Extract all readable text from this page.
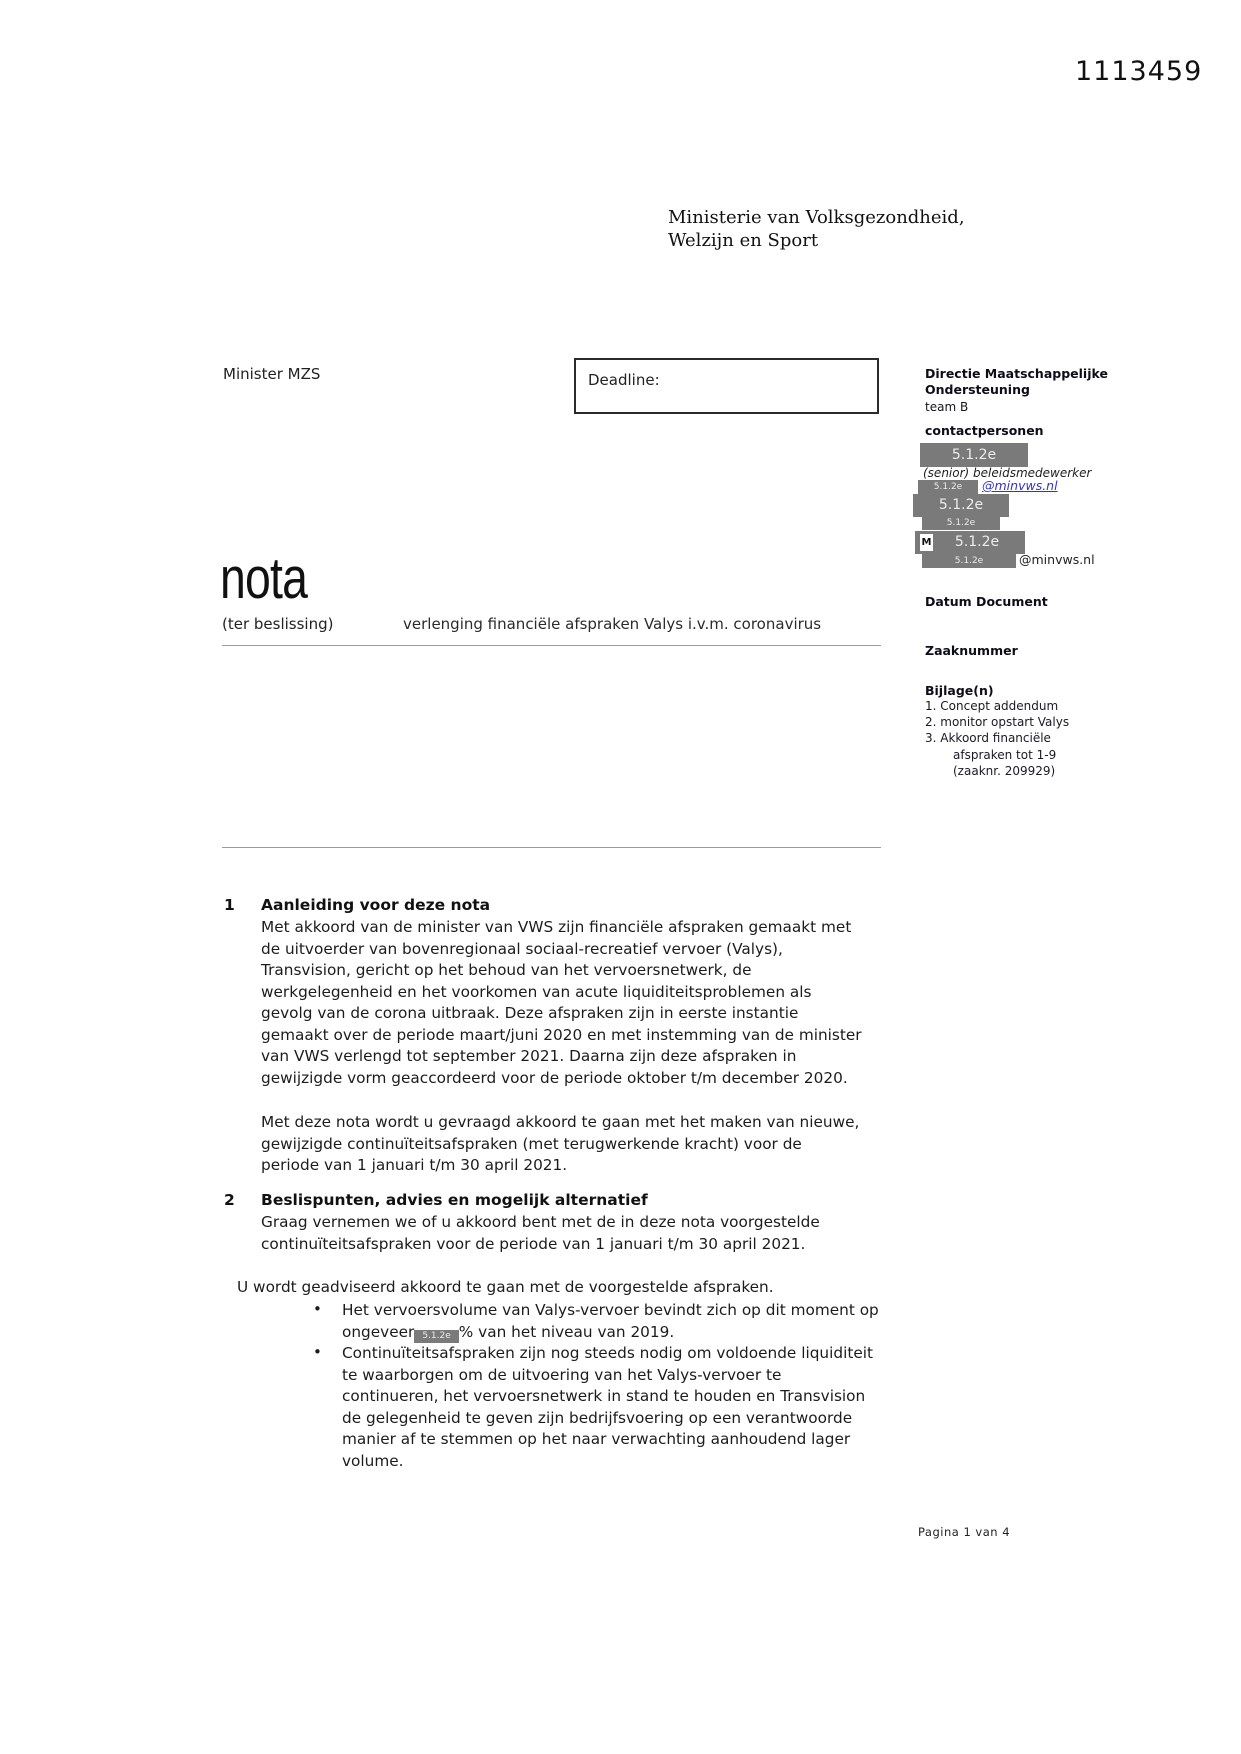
1113459
Ministerie van Volksgezondheid,
Welzijn en Sport
Minister MZS	Deadline:	Directie Maatschappelijke
Ondersteuning
team B
contactpersonen
5.1.2e
(senior) beleidsmedewerker
5.1.2e	@minvws.nl
5.1.2e
5.1.2e
5.1.2e
M
5.1.2e	@minvws.nl
Datum Document
Zaaknummer
Bijlage(n)
1. Concept addendum
2. monitor opstart Valys
3. Akkoord financiële
afspraken tot 1-9
(zaaknr. 209929)
nota
(ter beslissing)	verlenging financiële afspraken Valys i.v.m. coronavirus
1 Aanleiding voor deze nota
Met akkoord van de minister van VWS zijn financiële afspraken gemaakt met
de uitvoerder van bovenregionaal sociaal-recreatief vervoer (Valys),
Transvision, gericht op het behoud van het vervoersnetwerk, de
werkgelegenheid en het voorkomen van acute liquiditeitsproblemen als
gevolg van de corona uitbraak. Deze afspraken zijn in eerste instantie
gemaakt over de periode maart/juni 2020 en met instemming van de minister
van VWS verlengd tot september 2021. Daarna zijn deze afspraken in
gewijzigde vorm geaccordeerd voor de periode oktober t/m december 2020.
Met deze nota wordt u gevraagd akkoord te gaan met het maken van nieuwe,
gewijzigde continuïteitsafspraken (met terugwerkende kracht) voor de
periode van 1 januari t/m 30 april 2021.
2 Beslispunten, advies en mogelijk alternatief
Graag vernemen we of u akkoord bent met de in deze nota voorgestelde
continuïteitsafspraken voor de periode van 1 januari t/m 30 april 2021.
U wordt geadviseerd akkoord te gaan met de voorgestelde afspraken.
• Het vervoersvolume van Valys-vervoer bevindt zich op dit moment op
ongeveer 5.1.2e % van het niveau van 2019.
• Continuïteitsafspraken zijn nog steeds nodig om voldoende liquiditeit
te waarborgen om de uitvoering van het Valys-vervoer te
continueren, het vervoersnetwerk in stand te houden en Transvision
de gelegenheid te geven zijn bedrijfsvoering op een verantwoorde
manier af te stemmen op het naar verwachting aanhoudend lager
volume.
Pagina 1 van 4
